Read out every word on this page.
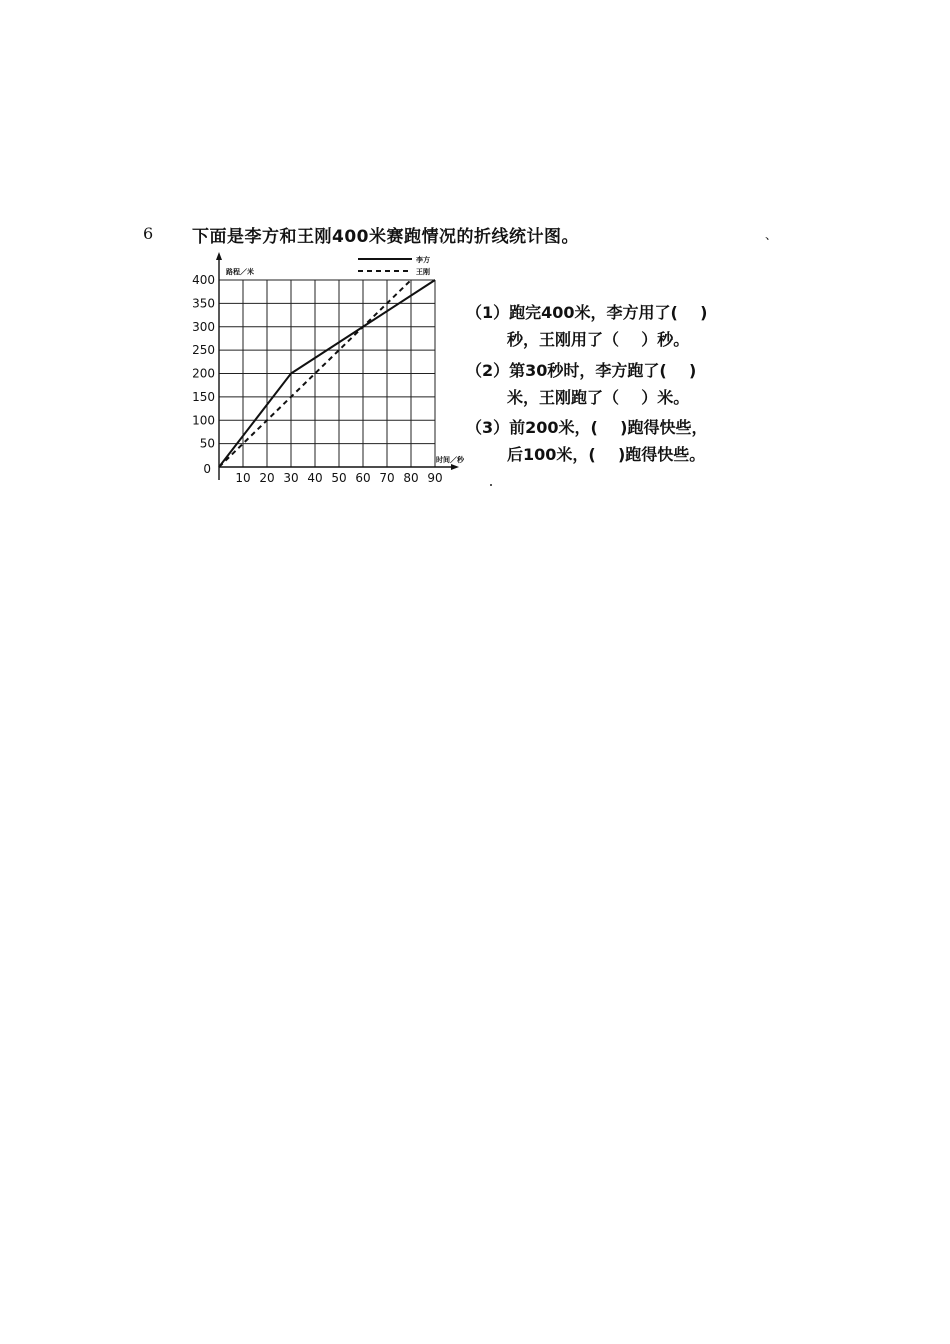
6 下面是李方和王刚400米赛跑情况的折线统计图。	、
路程／米
时间／秒
李方
王刚
10 20 30 40 50 60 70 80 90
0
50
100
150
200
250
300
350
400
（1）跑完400米，李方用了(    )
秒，王刚用了（    ）秒。
（2）第30秒时，李方跑了(    )
米，王刚跑了（    ）米。
（3）前200米，(    )跑得快些，
后100米，(    )跑得快些。
